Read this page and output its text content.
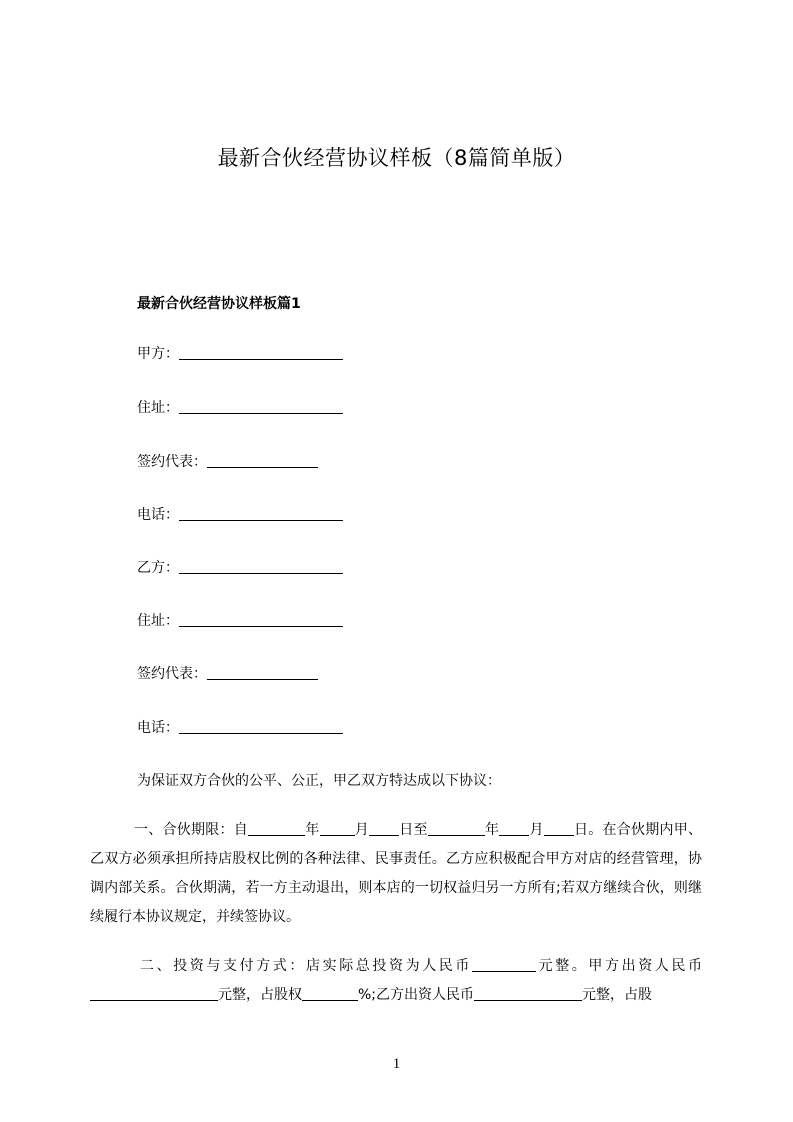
最新合伙经营协议样板（8篇简单版）
最新合伙经营协议样板篇1
甲方：
住址：
签约代表：
电话：
乙方：
住址：
签约代表：
电话：
为保证双方合伙的公平、公正，甲乙双方特达成以下协议：

一、合伙期限：自	年	月 日至	年 月 日。在合伙期内甲、乙双方必须承担所持店股权比例的各种法律、民事责任。乙方应积极配合甲方对店的经营管理，协调内部关系。合伙期满，若一方主动退出，则本店的一切权益归另一方所有;若双方继续合伙，则继续履行本协议规定，并续签协议。

二、投资与支付方式：店实际总投资为人民币	元整。甲方出资人民币元整，占股权	%;乙方出资人民币	元整，占股

1
